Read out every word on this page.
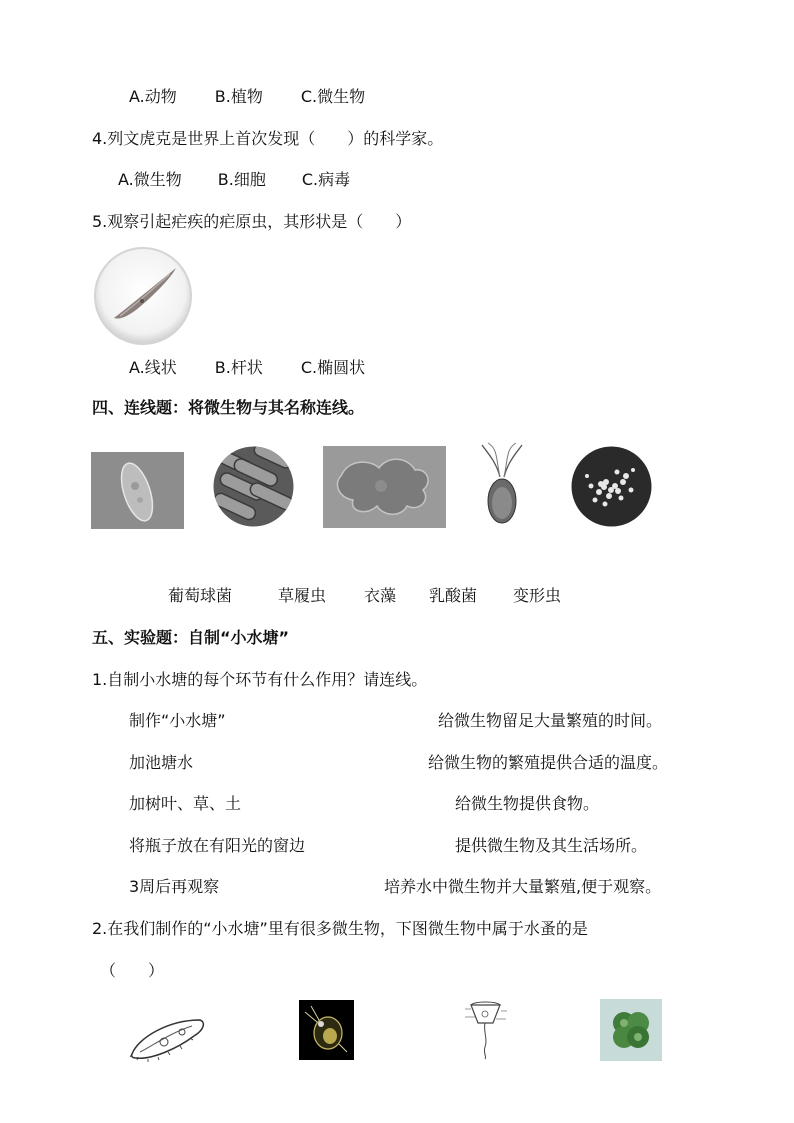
A.动物 B.植物 C.微生物
4.列文虎克是世界上首次发现（　　）的科学家。
A.微生物 B.细胞 C.病毒
5.观察引起疟疾的疟原虫，其形状是（　　）
A.线状 B.杆状 C.椭圆状
四、连线题：将微生物与其名称连线。
葡萄球菌	草履虫 衣藻 乳酸菌 变形虫
五、实验题：自制“小水塘”
1.自制小水塘的每个环节有什么作用？请连线。
制作“小水塘”	给微生物留足大量繁殖的时间。
加池塘水	给微生物的繁殖提供合适的温度。
加树叶、草、土	给微生物提供食物。
将瓶子放在有阳光的窗边	提供微生物及其生活场所。
3周后再观察	培养水中微生物并大量繁殖,便于观察。
2.在我们制作的“小水塘”里有很多微生物，下图微生物中属于水蚤的是
（　　）
